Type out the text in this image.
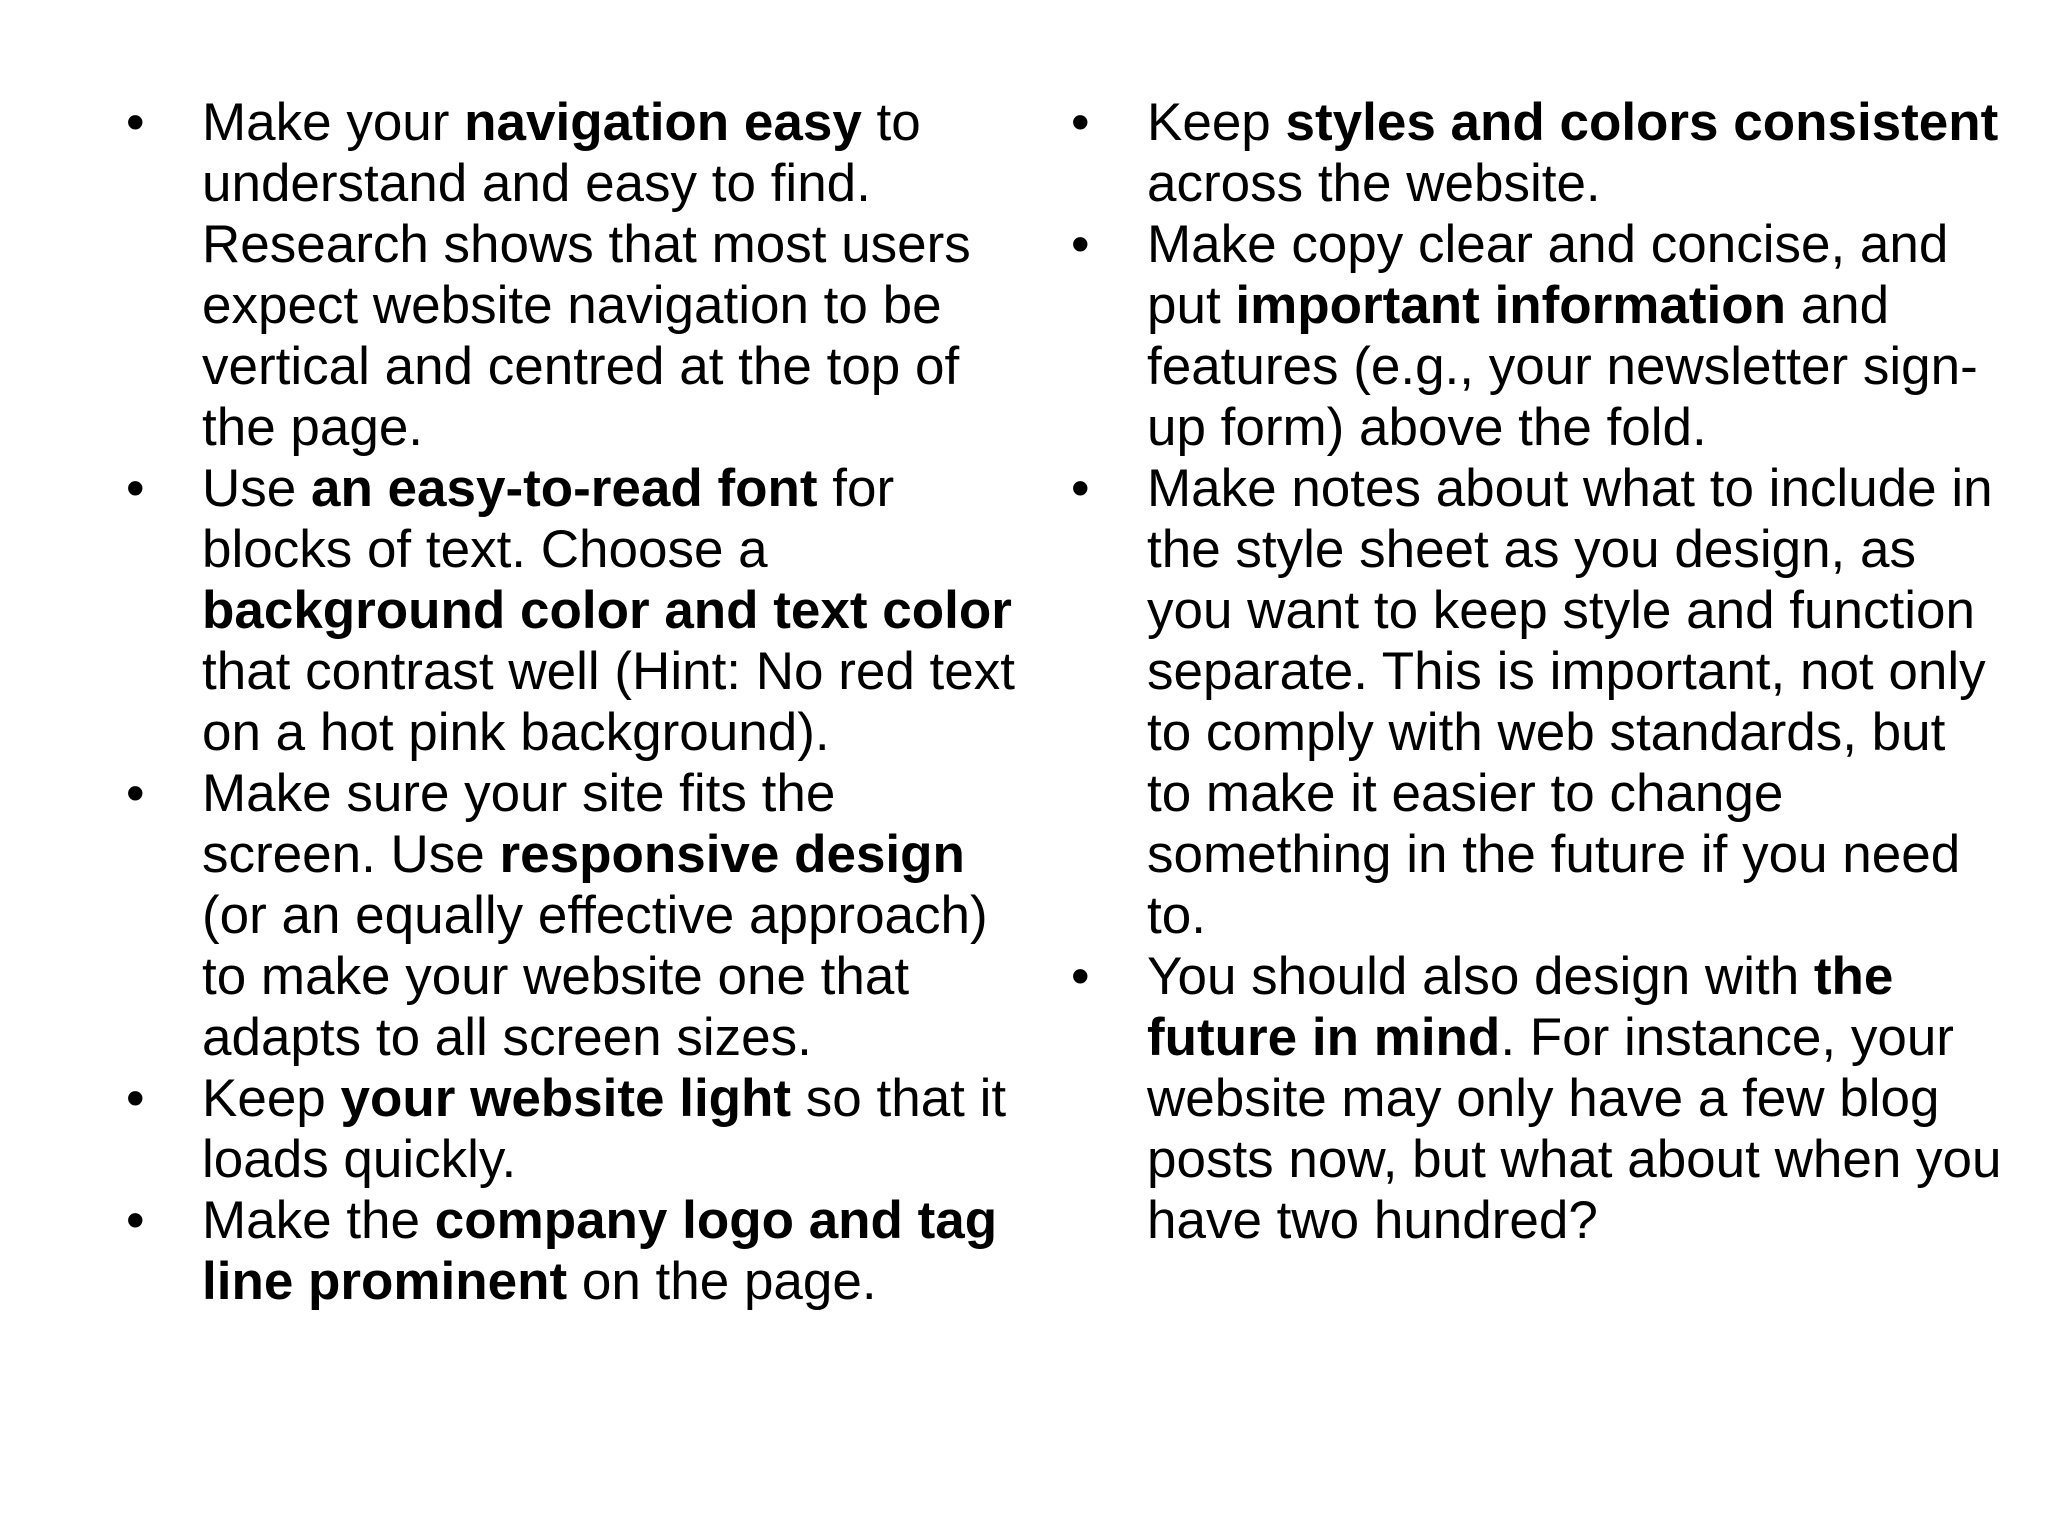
•	Make your navigation easy to understand and easy to find. Research shows that most users expect website navigation to be vertical and centred at the top of the page.
•	Use an easy-to-read font for blocks of text. Choose a background color and text color that contrast well (Hint: No red text on a hot pink background).
•	Make sure your site fits the screen. Use responsive design (or an equally effective approach) to make your website one that adapts to all screen sizes.
•	Keep your website light so that it loads quickly.
•	Make the company logo and tag line prominent on the page.
•	Keep styles and colors consistent across the website.
•	Make copy clear and concise, and put important information and features (e.g., your newsletter sign-up form) above the fold.
•	Make notes about what to include in the style sheet as you design, as you want to keep style and function separate. This is important, not only to comply with web standards, but to make it easier to change something in the future if you need to.
•	You should also design with the future in mind. For instance, your website may only have a few blog posts now, but what about when you have two hundred?
